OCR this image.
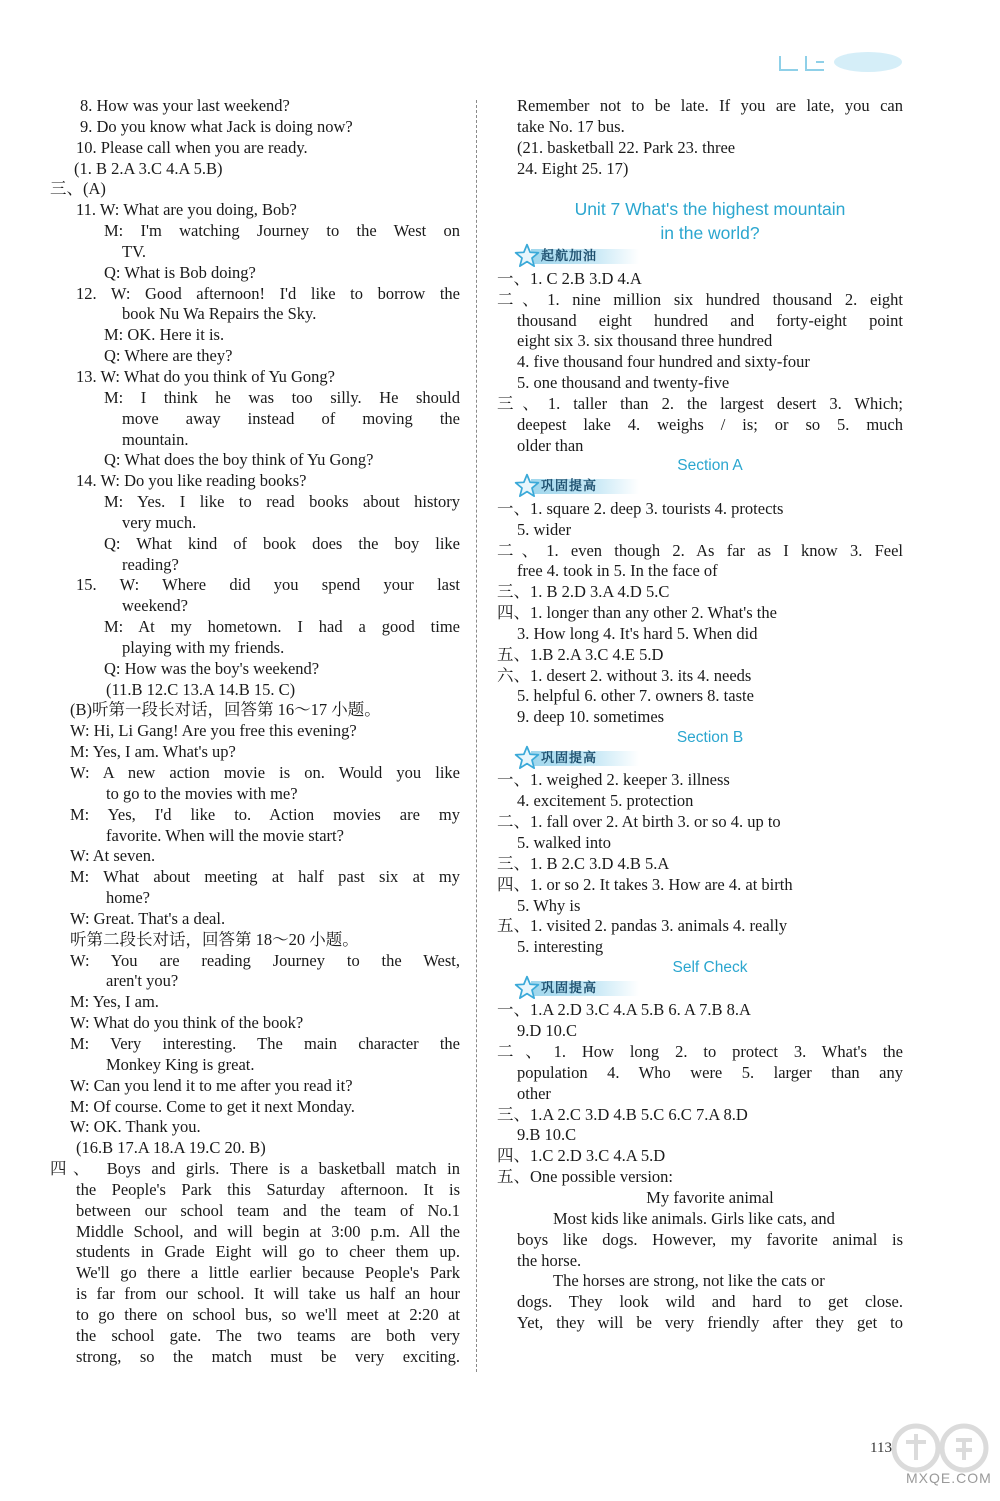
8. How was your last weekend?
9. Do you know what Jack is doing now?
10. Please call when you are ready.
(1. B 2.A 3.C 4.A 5.B)
三、(A)
11. W: What are you doing, Bob?
M: I'm watching Journey to the West on
TV.
Q: What is Bob doing?
12. W: Good afternoon! I'd like to borrow the
book Nu Wa Repairs the Sky.
M: OK. Here it is.
Q: Where are they?
13. W: What do you think of Yu Gong?
M: I think he was too silly. He should
move away instead of moving the
mountain.
Q: What does the boy think of Yu Gong?
14. W: Do you like reading books?
M: Yes. I like to read books about history
very much.
Q: What kind of book does the boy like
reading?
15. W: Where did you spend your last
weekend?
M: At my hometown. I had a good time
playing with my friends.
Q: How was the boy's weekend?
(11.B 12.C 13.A 14.B 15. C)
(B)听第一段长对话，回答第 16～17 小题。
W: Hi, Li Gang! Are you free this evening?
M: Yes, I am. What's up?
W: A new action movie is on. Would you like
to go to the movies with me?
M: Yes, I'd like to. Action movies are my
favorite. When will the movie start?
W: At seven.
M: What about meeting at half past six at my
home?
W: Great. That's a deal.
听第二段长对话，回答第 18～20 小题。
W: You are reading Journey to the West,
aren't you?
M: Yes, I am.
W: What do you think of the book?
M: Very interesting. The main character the
Monkey King is great.
W: Can you lend it to me after you read it?
M: Of course. Come to get it next Monday.
W: OK. Thank you.
(16.B 17.A 18.A 19.C 20. B)
四、 Boys and girls. There is a basketball match in
the People's Park this Saturday afternoon. It is
between our school team and the team of No.1
Middle School, and will begin at 3:00 p.m. All the
students in Grade Eight will go to cheer them up.
We'll go there a little earlier because People's Park
is far from our school. It will take us half an hour
to go there on school bus, so we'll meet at 2:20 at
the school gate. The two teams are both very
strong, so the match must be very exciting.
Remember not to be late. If you are late, you can
take No. 17 bus.
(21. basketball 22. Park 23. three
24. Eight 25. 17)
Unit 7 What's the highest mountain
in the world?
起航加油
一、1. C 2.B 3.D 4.A
二、1. nine million six hundred thousand 2. eight
thousand eight hundred and forty-eight point
eight six 3. six thousand three hundred
4. five thousand four hundred and sixty-four
5. one thousand and twenty-five
三、1. taller than 2. the largest desert 3. Which;
deepest lake 4. weighs / is; or so 5. much
older than
Section A
巩固提高
一、1. square 2. deep 3. tourists 4. protects
5. wider
二、1. even though 2. As far as I know 3. Feel
free 4. took in 5. In the face of
三、1. B 2.D 3.A 4.D 5.C
四、1. longer than any other 2. What's the
3. How long 4. It's hard 5. When did
五、1.B 2.A 3.C 4.E 5.D
六、1. desert 2. without 3. its 4. needs
5. helpful 6. other 7. owners 8. taste
9. deep 10. sometimes
Section B
巩固提高
一、1. weighed 2. keeper 3. illness
4. excitement 5. protection
二、1. fall over 2. At birth 3. or so 4. up to
5. walked into
三、1. B 2.C 3.D 4.B 5.A
四、1. or so 2. It takes 3. How are 4. at birth
5. Why is
五、1. visited 2. pandas 3. animals 4. really
5. interesting
Self Check
巩固提高
一、1.A 2.D 3.C 4.A 5.B 6. A 7.B 8.A
9.D 10.C
二、1. How long 2. to protect 3. What's the
population 4. Who were 5. larger than any
other
三、1.A 2.C 3.D 4.B 5.C 6.C 7.A 8.D
9.B 10.C
四、1.C 2.D 3.C 4.A 5.D
五、One possible version:
My favorite animal
Most kids like animals. Girls like cats, and
boys like dogs. However, my favorite animal is
the horse.
The horses are strong, not like the cats or
dogs. They look wild and hard to get close.
Yet, they will be very friendly after they get to
113
MXQE.COM
